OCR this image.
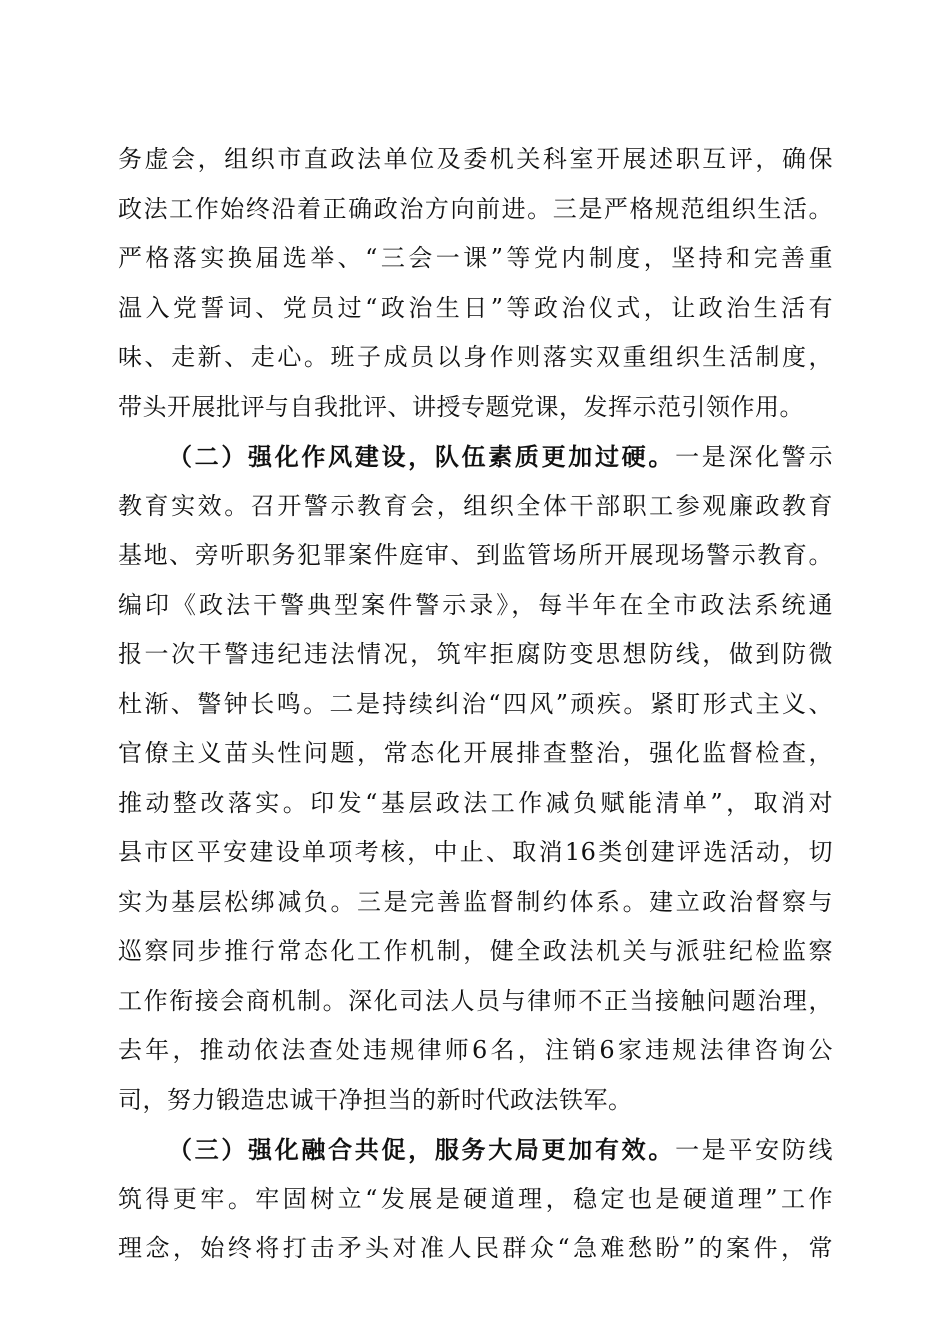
务虚会，组织市直政法单位及委机关科室开展述职互评，确保
政法工作始终沿着正确政治方向前进。三是严格规范组织生活。
严格落实换届选举、“三会一课”等党内制度，坚持和完善重
温入党誓词、党员过“政治生日”等政治仪式，让政治生活有
味、走新、走心。班子成员以身作则落实双重组织生活制度，
带头开展批评与自我批评、讲授专题党课，发挥示范引领作用。
（二）强化作风建设，队伍素质更加过硬。一是深化警示
教育实效。召开警示教育会，组织全体干部职工参观廉政教育
基地、旁听职务犯罪案件庭审、到监管场所开展现场警示教育。
编印《政法干警典型案件警示录》，每半年在全市政法系统通
报一次干警违纪违法情况，筑牢拒腐防变思想防线，做到防微
杜渐、警钟长鸣。二是持续纠治“四风”顽疾。紧盯形式主义、
官僚主义苗头性问题，常态化开展排查整治，强化监督检查，
推动整改落实。印发“基层政法工作减负赋能清单”，取消对
县市区平安建设单项考核，中止、取消16类创建评选活动，切
实为基层松绑减负。三是完善监督制约体系。建立政治督察与
巡察同步推行常态化工作机制，健全政法机关与派驻纪检监察
工作衔接会商机制。深化司法人员与律师不正当接触问题治理，
去年，推动依法查处违规律师6名，注销6家违规法律咨询公
司，努力锻造忠诚干净担当的新时代政法铁军。
（三）强化融合共促，服务大局更加有效。一是平安防线
筑得更牢。牢固树立“发展是硬道理，稳定也是硬道理”工作
理念，始终将打击矛头对准人民群众“急难愁盼”的案件，常
